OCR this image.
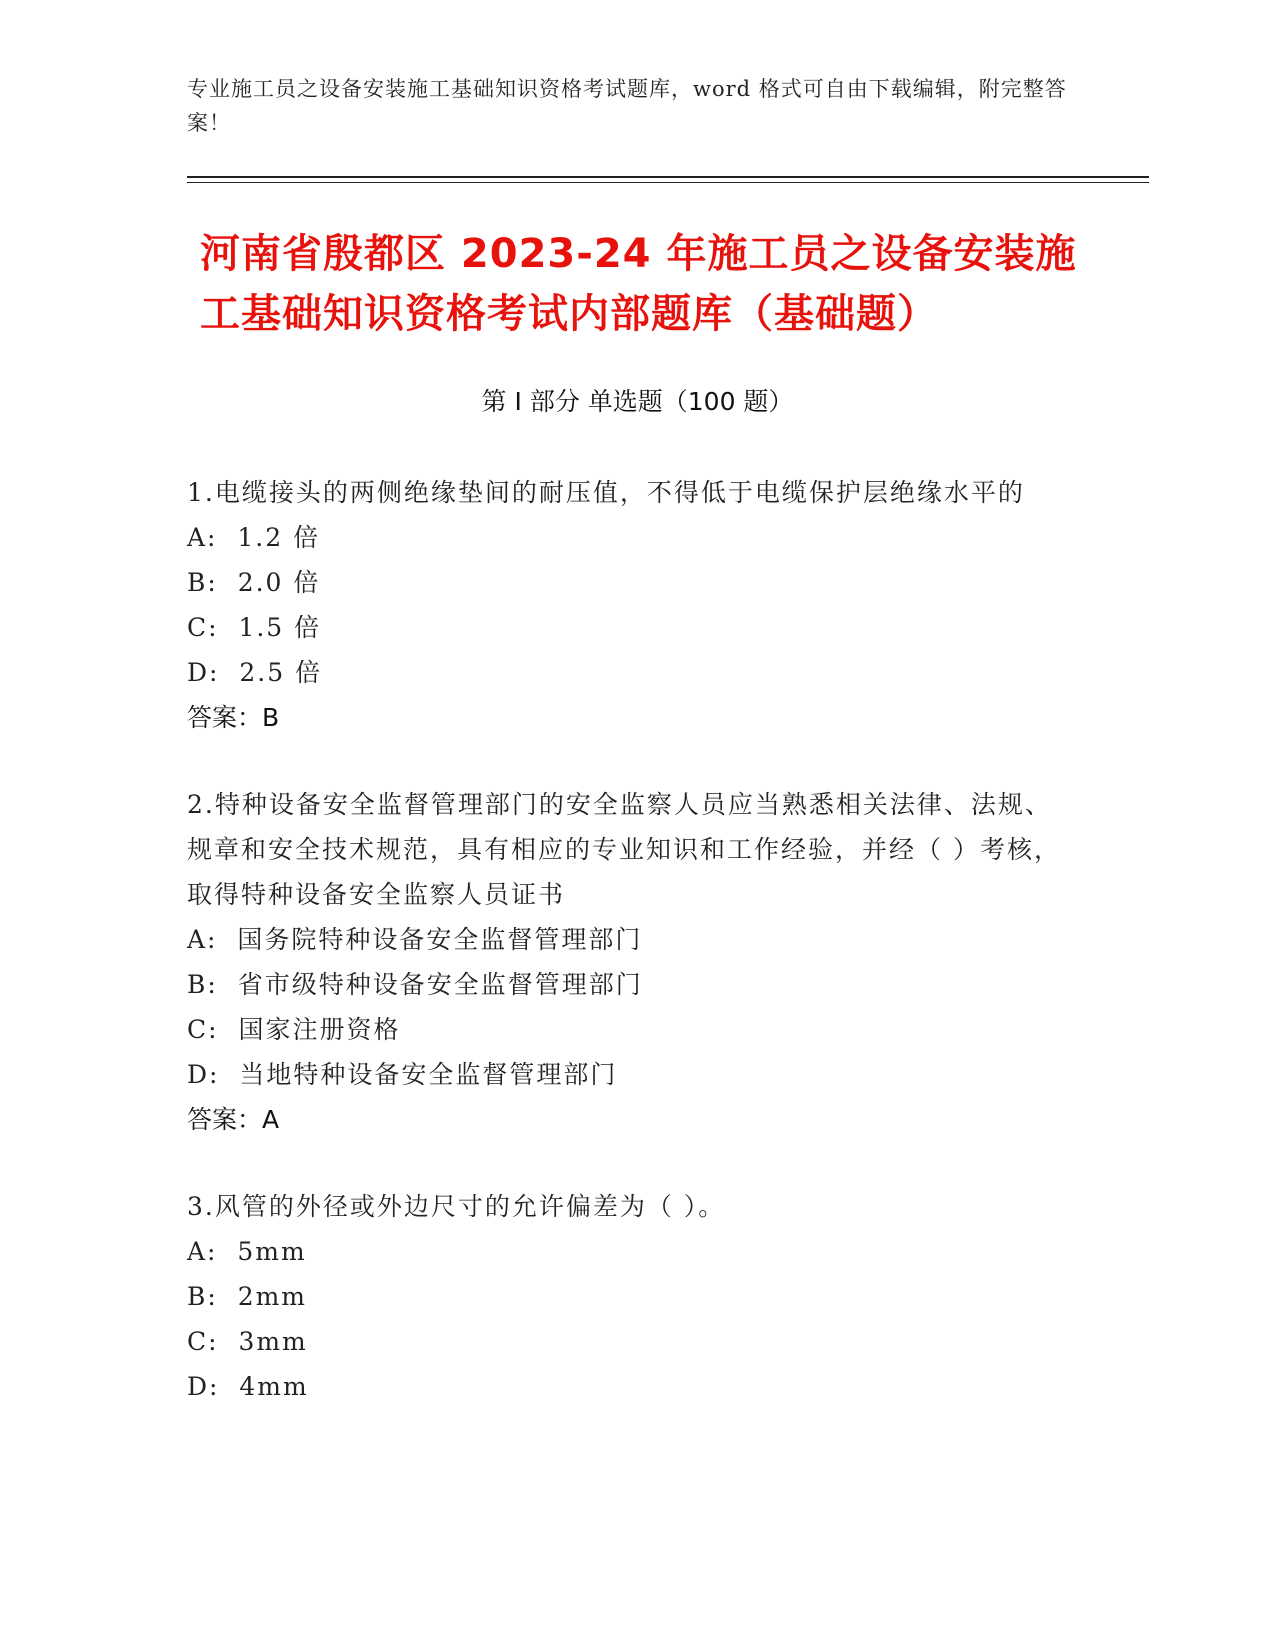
专业施工员之设备安装施工基础知识资格考试题库，word 格式可自由下载编辑，附完整答案！
河南省殷都区 2023-24 年施工员之设备安装施工基础知识资格考试内部题库（基础题）
第 I 部分 单选题（100 题）
1.电缆接头的两侧绝缘垫间的耐压值，不得低于电缆保护层绝缘水平的
A:  1.2 倍
B:  2.0 倍
C:  1.5 倍
D:  2.5 倍
答案：B
2.特种设备安全监督管理部门的安全监察人员应当熟悉相关法律、法规、规章和安全技术规范，具有相应的专业知识和工作经验，并经（ ）考核，取得特种设备安全监察人员证书
A:  国务院特种设备安全监督管理部门
B:  省市级特种设备安全监督管理部门
C:  国家注册资格
D:  当地特种设备安全监督管理部门
答案：A
3.风管的外径或外边尺寸的允许偏差为（ ）。
A:  5mm
B:  2mm
C:  3mm
D:  4mm
